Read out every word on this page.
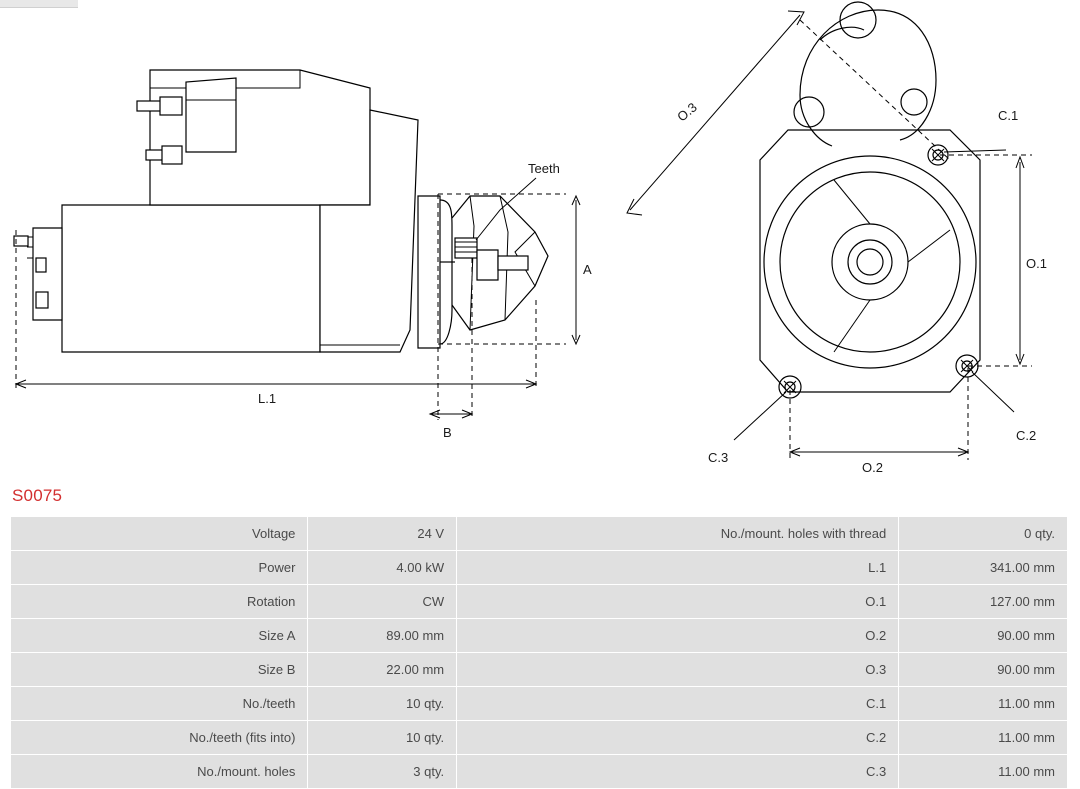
Teeth
A
L.1
B
O.3
O.1
O.2
C.1
C.2
C.3
S0075
Voltage	24 V	No./mount. holes with thread	0 qty.
Power	4.00 kW	L.1	341.00 mm
Rotation	CW	O.1	127.00 mm
Size A	89.00 mm	O.2	90.00 mm
Size B	22.00 mm	O.3	90.00 mm
No./teeth	10 qty.	C.1	11.00 mm
No./teeth (fits into)	10 qty.	C.2	11.00 mm
No./mount. holes	3 qty.	C.3	11.00 mm
